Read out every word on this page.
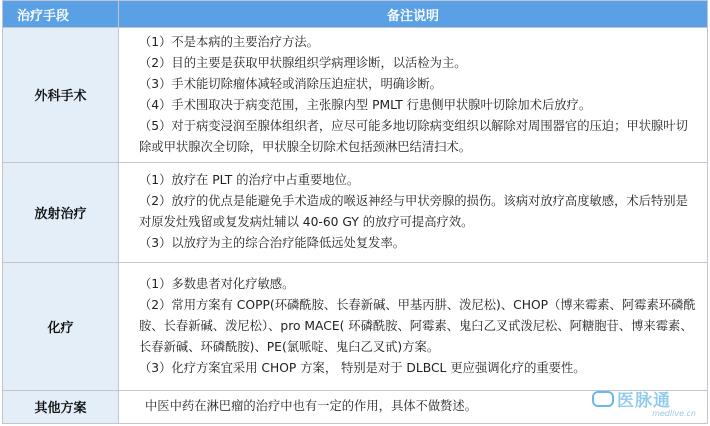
治疗手段	备注说明
外科手术	（1）不是本病的主要治疗方法。

（2）目的主要是获取甲状腺组织学病理诊断，以活检为主。

（3）手术能切除瘤体减轻或消除压迫症状，明确诊断。

（4）手术围取决于病变范围，主张腺内型 PMLT 行患侧甲状腺叶切除加术后放疗。

（5）对于病变浸润至腺体组织者，应尽可能多地切除病变组织以解除对周围器官的压迫；甲状腺叶切除或甲状腺次全切除，甲状腺全切除术包括颈淋巴结清扫术。

放射治疗	（1）放疗在 PLT 的治疗中占重要地位。

（2）放疗的优点是能避免手术造成的喉返神经与甲状旁腺的损伤。该病对放疗高度敏感，术后特别是对原发灶残留或复发病灶辅以 40-60 GY 的放疗可提高疗效。

（3）以放疗为主的综合治疗能降低远处复发率。

化疗	（1）多数患者对化疗敏感。

（2）常用方案有 COPP(环磷酰胺、长春新碱、甲基丙肼、泼尼松)、CHOP（博来霉素、阿霉素环磷酰胺、长春新碱、泼尼松）、pro MACE( 环磷酰胺、阿霉素、鬼臼乙叉甙泼尼松、阿糖胞苷、博来霉素、长春新碱、环磷酰胺)、PE(氯哌啶、鬼臼乙叉甙)方案。

（3）化疗方案宜采用 CHOP 方案， 特别是对于 DLBCL 更应强调化疗的重要性。

其他方案	中医中药在淋巴瘤的治疗中也有一定的作用，具体不做赘述。	医脉通
medlive.cn
